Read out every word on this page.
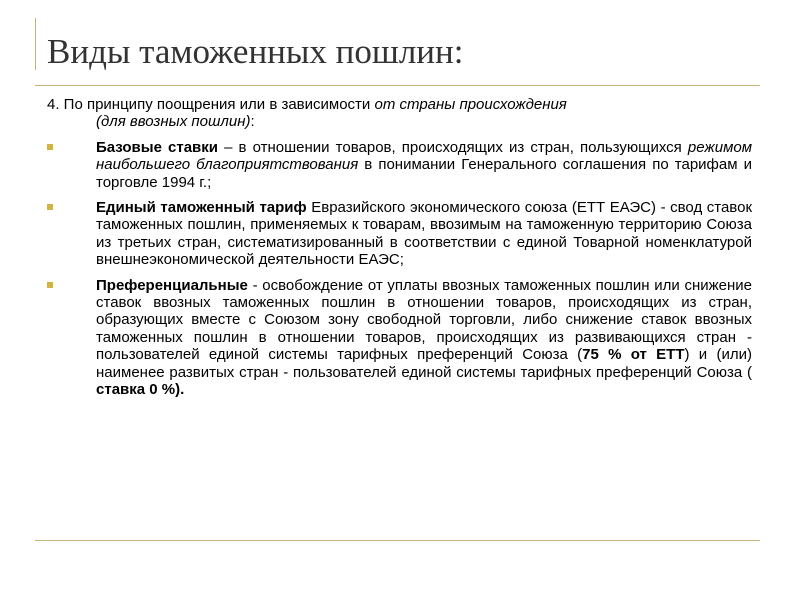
Виды таможенных пошлин:

4. По принципу поощрения или в зависимости от страны происхождения
(для ввозных пошлин):

Базовые ставки – в отношении товаров, происходящих из стран, пользующихся режимом наибольшего благоприятствования в понимании Генерального соглашения по тарифам и торговле 1994 г.;
Единый таможенный тариф Евразийского экономического союза (ЕТТ ЕАЭС) - свод ставок таможенных пошлин, применяемых к товарам, ввозимым на таможенную территорию Союза из третьих стран, систематизированный в соответствии с единой Товарной номенклатурой внешнеэкономической деятельности ЕАЭС;
Преференциальные - освобождение от уплаты ввозных таможенных пошлин или снижение ставок ввозных таможенных пошлин в отношении товаров, происходящих из стран, образующих вместе с Союзом зону свободной торговли, либо снижение ставок ввозных таможенных пошлин в отношении товаров, происходящих из развивающихся стран - пользователей единой системы тарифных преференций Союза (75 % от ЕТТ) и (или) наименее развитых стран - пользователей единой системы тарифных преференций Союза ( ставка 0 %).
